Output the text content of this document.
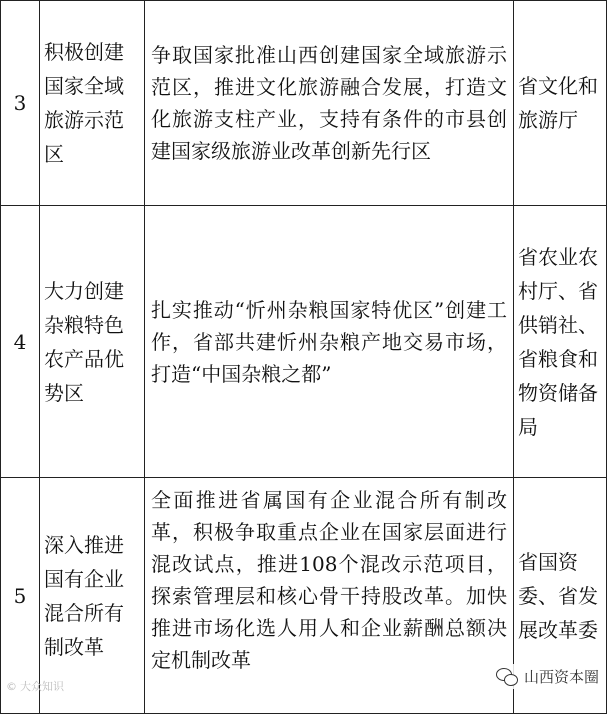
3	积极创建国家全域旅游示范区	争取国家批准山西创建国家全域旅游示范区，推进文化旅游融合发展，打造文化旅游支柱产业，支持有条件的市县创建国家级旅游业改革创新先行区	省文化和旅游厅
4	大力创建杂粮特色农产品优势区	扎实推动“忻州杂粮国家特优区”创建工作，省部共建忻州杂粮产地交易市场，打造“中国杂粮之都”	省农业农村厅、省供销社、省粮食和物资储备局
5	深入推进国有企业混合所有制改革	全面推进省属国有企业混合所有制改革，积极争取重点企业在国家层面进行混改试点，推进108个混改示范项目，探索管理层和核心骨干持股改革。加快推进市场化选人用人和企业薪酬总额决定机制改革	省国资委、省发展改革委
© 大众知识
山西资本圈
